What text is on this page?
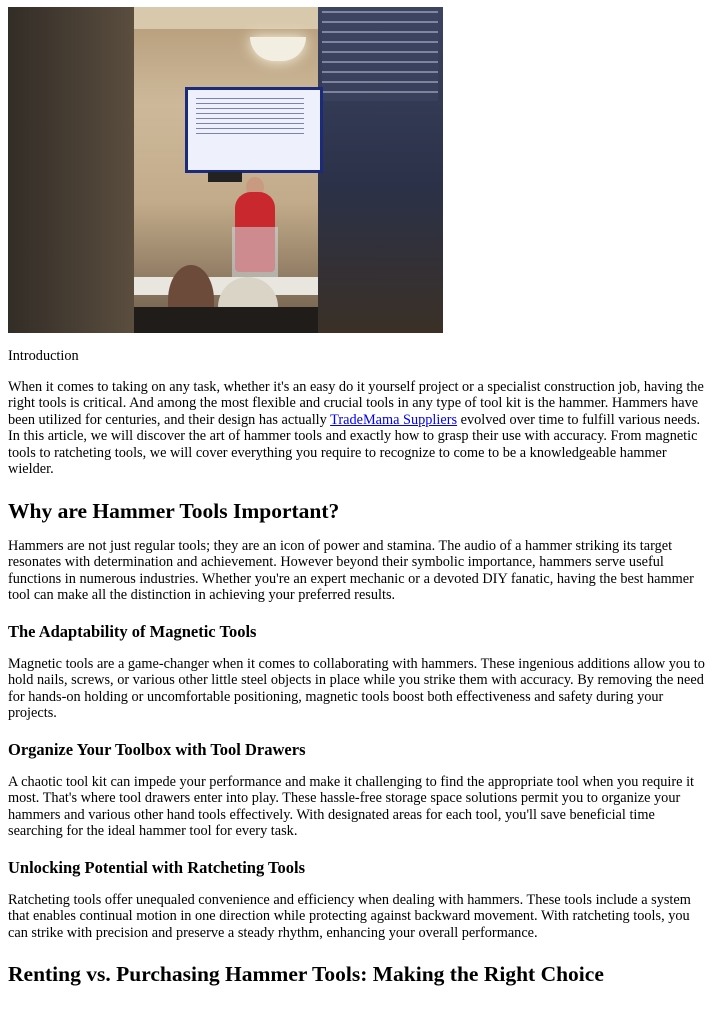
Introduction

When it comes to taking on any task, whether it's an easy do it yourself project or a specialist construction job, having the right tools is critical. And among the most flexible and crucial tools in any type of tool kit is the hammer. Hammers have been utilized for centuries, and their design has actually TradeMama Suppliers evolved over time to fulfill various needs. In this article, we will discover the art of hammer tools and exactly how to grasp their use with accuracy. From magnetic tools to ratcheting tools, we will cover everything you require to recognize to come to be a knowledgeable hammer wielder.

Why are Hammer Tools Important?

Hammers are not just regular tools; they are an icon of power and stamina. The audio of a hammer striking its target resonates with determination and achievement. However beyond their symbolic importance, hammers serve useful functions in numerous industries. Whether you're an expert mechanic or a devoted DIY fanatic, having the best hammer tool can make all the distinction in achieving your preferred results.

The Adaptability of Magnetic Tools

Magnetic tools are a game-changer when it comes to collaborating with hammers. These ingenious additions allow you to hold nails, screws, or various other little steel objects in place while you strike them with accuracy. By removing the need for hands-on holding or uncomfortable positioning, magnetic tools boost both effectiveness and safety during your projects.

Organize Your Toolbox with Tool Drawers

A chaotic tool kit can impede your performance and make it challenging to find the appropriate tool when you require it most. That's where tool drawers enter into play. These hassle-free storage space solutions permit you to organize your hammers and various other hand tools effectively. With designated areas for each tool, you'll save beneficial time searching for the ideal hammer tool for every task.

Unlocking Potential with Ratcheting Tools

Ratcheting tools offer unequaled convenience and efficiency when dealing with hammers. These tools include a system that enables continual motion in one direction while protecting against backward movement. With ratcheting tools, you can strike with precision and preserve a steady rhythm, enhancing your overall performance.

Renting vs. Purchasing Hammer Tools: Making the Right Choice
